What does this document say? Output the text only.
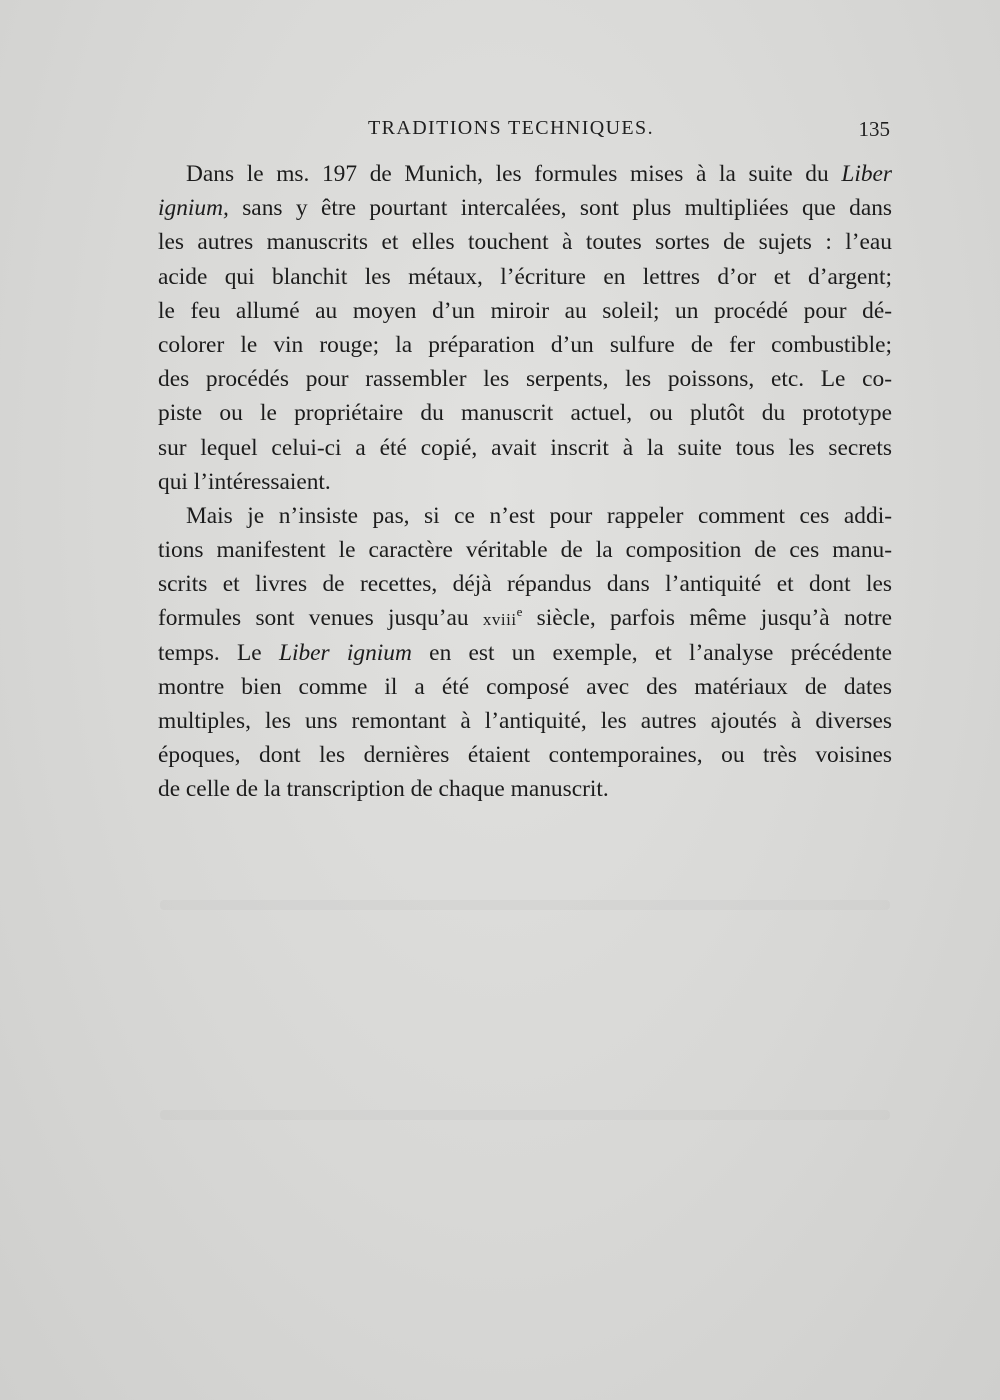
TRADITIONS TECHNIQUES.	135
Dans le ms. 197 de Munich, les formules mises à la suite du Liber
ignium, sans y être pourtant intercalées, sont plus multipliées que dans
les autres manuscrits et elles touchent à toutes sortes de sujets : l’eau
acide qui blanchit les métaux, l’écriture en lettres d’or et d’argent;
le feu allumé au moyen d’un miroir au soleil; un procédé pour dé-
colorer le vin rouge; la préparation d’un sulfure de fer combustible;
des procédés pour rassembler les serpents, les poissons, etc. Le co-
piste ou le propriétaire du manuscrit actuel, ou plutôt du prototype
sur lequel celui-ci a été copié, avait inscrit à la suite tous les secrets
qui l’intéressaient.
Mais je n’insiste pas, si ce n’est pour rappeler comment ces addi-
tions manifestent le caractère véritable de la composition de ces manu-
scrits et livres de recettes, déjà répandus dans l’antiquité et dont les
formules sont venues jusqu’au xviii$^e$ siècle, parfois même jusqu’à notre
temps. Le Liber ignium en est un exemple, et l’analyse précédente
montre bien comme il a été composé avec des matériaux de dates
multiples, les uns remontant à l’antiquité, les autres ajoutés à diverses
époques, dont les dernières étaient contemporaines, ou très voisines
de celle de la transcription de chaque manuscrit.
